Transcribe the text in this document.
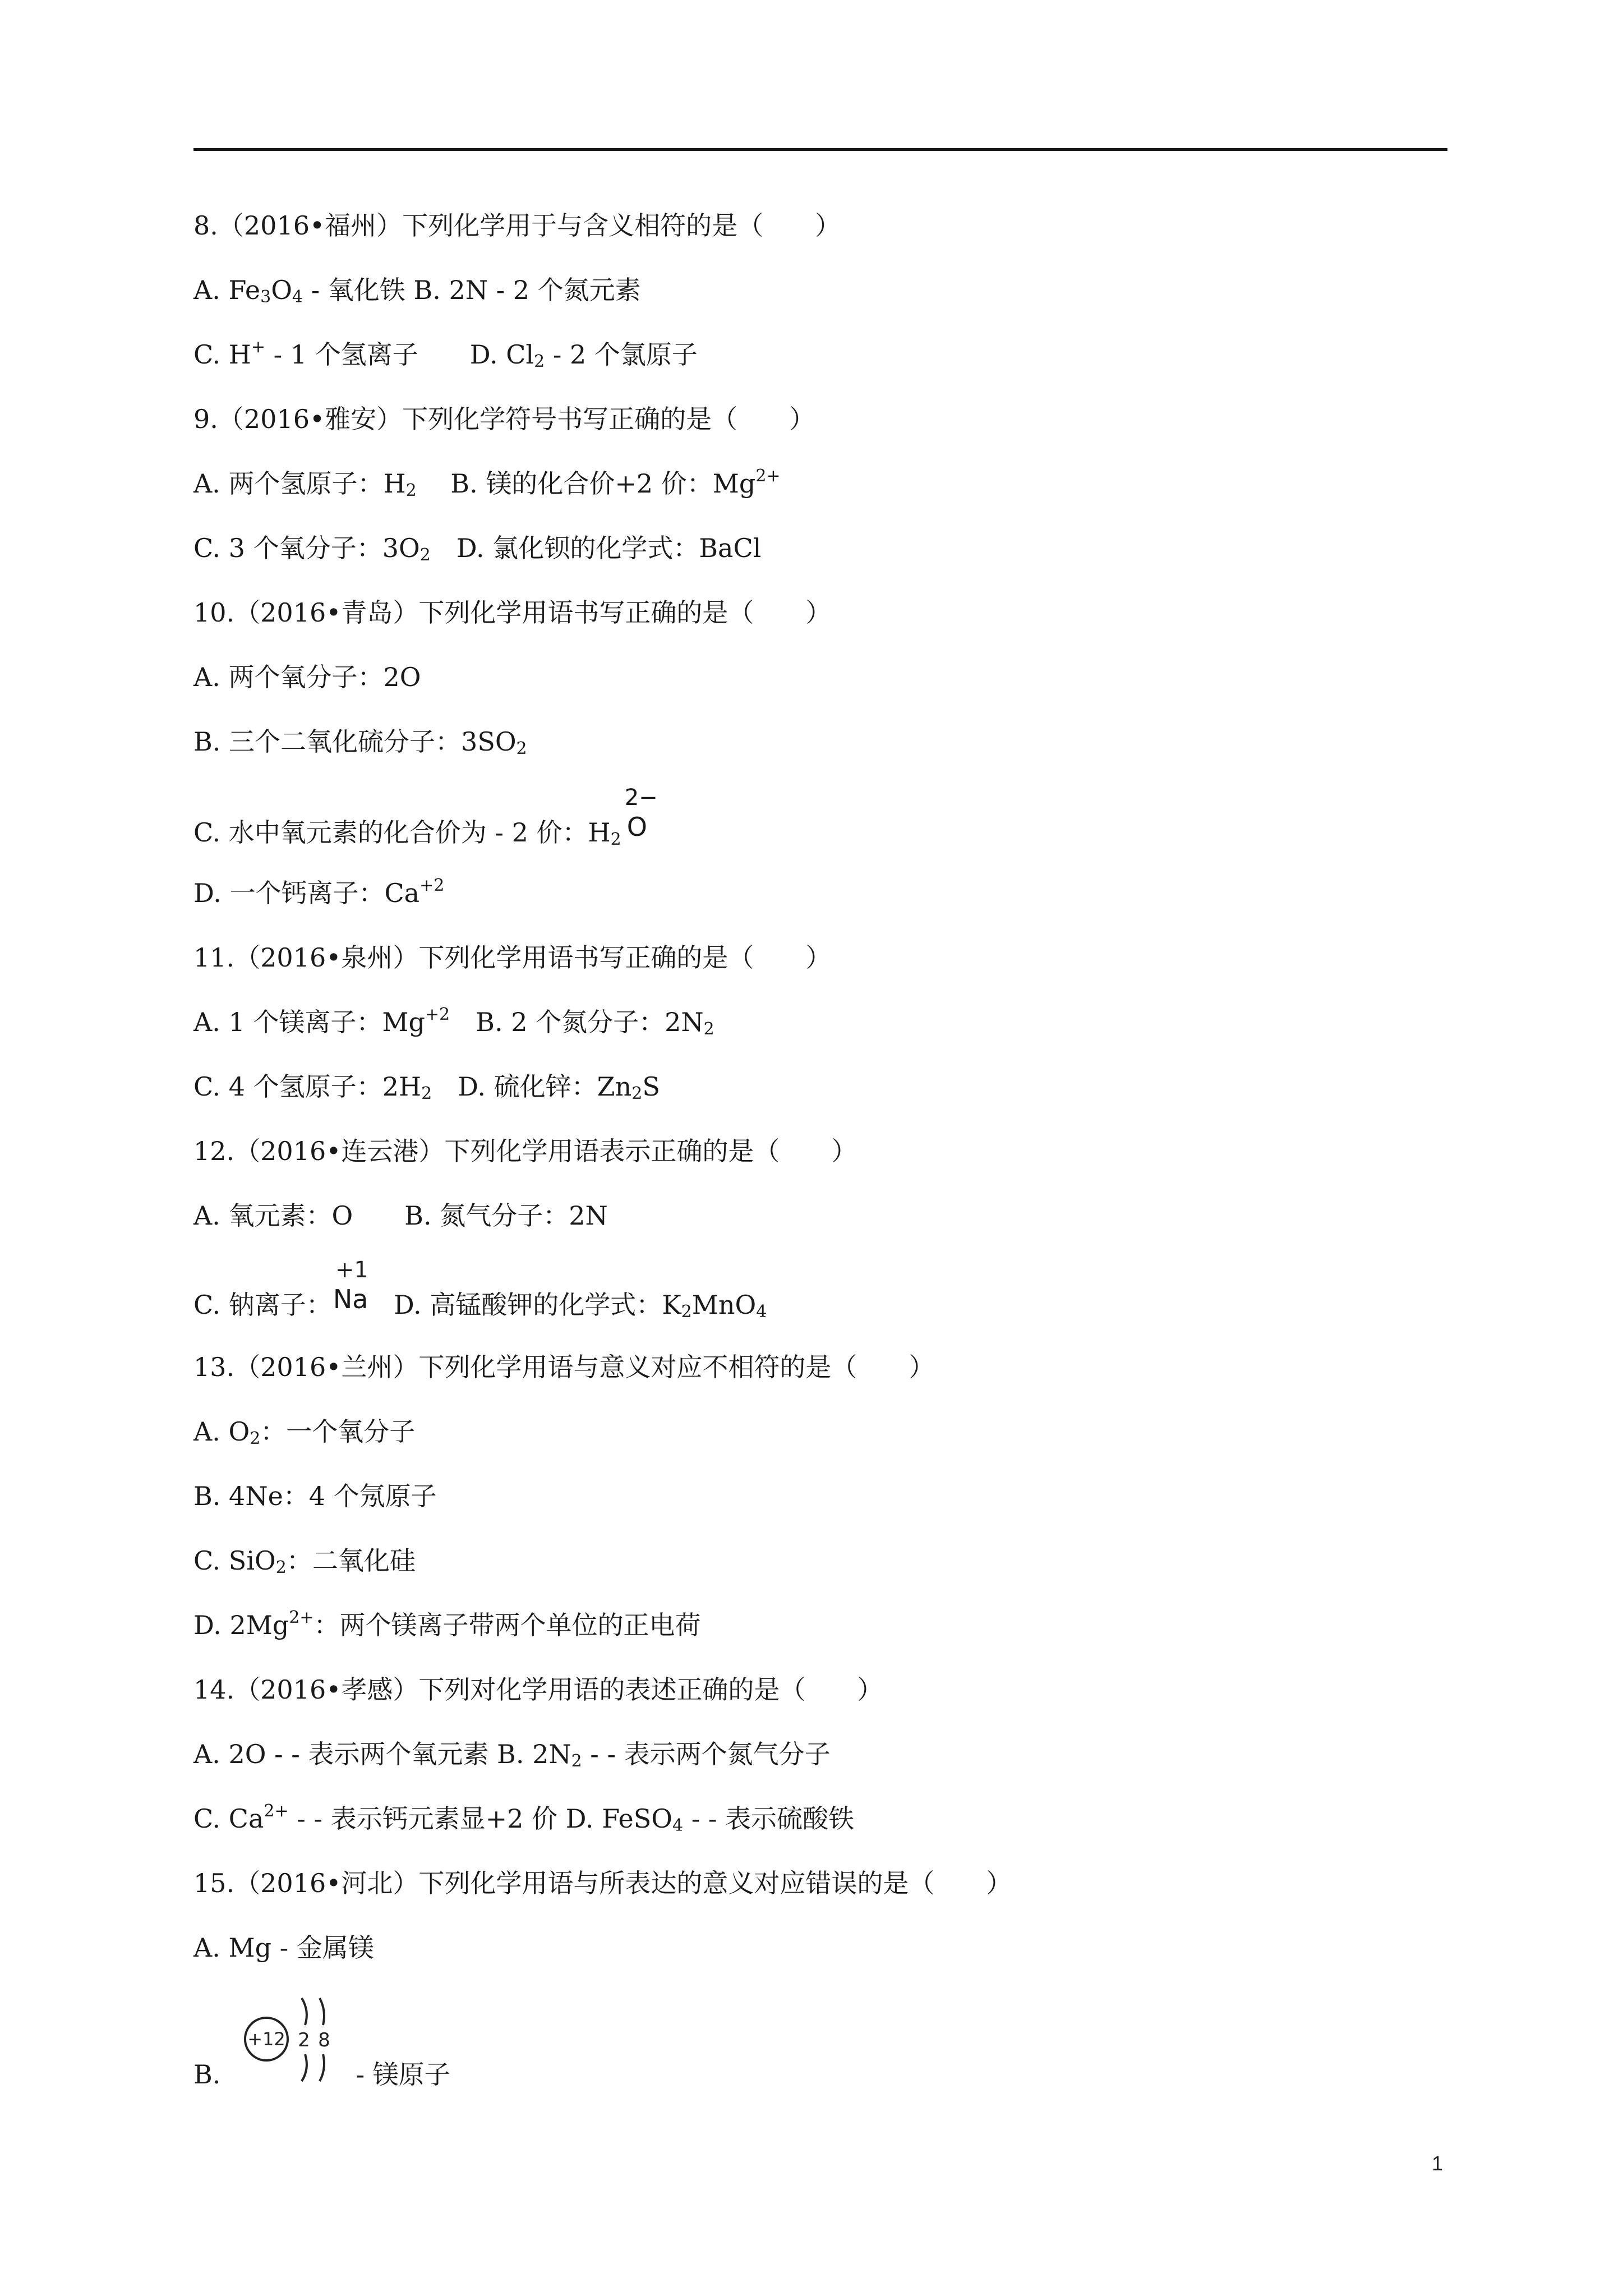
8.（2016•福州）下列化学用于与含义相符的是（　　）
A. $Fe_3O_4$ - 氧化铁 B. 2N - 2 个氮元素
C. H+ - 1 个氢离子　　D. $Cl_2 - 2$ 个氯原子
9.（2016•雅安）下列化学符号书写正确的是（　　）
A. 两个氢原子：$H_2$　 B. 镁的化合价+2 价：$Mg^{2+}$
C. 3 个氧分子：$3O_2$　D. 氯化钡的化学式：BaCl
10.（2016•青岛）下列化学用语书写正确的是（　　）
A. 两个氧分子：2O
B. 三个二氧化硫分子：$3SO_2$
C. 水中氧元素的化合价为 - 2 价：$H_2$
2−
O
D. 一个钙离子：$Ca^{+2}$
11.（2016•泉州）下列化学用语书写正确的是（　　）
A. 1 个镁离子：$Mg^{+2}$　B. 2 个氮分子：$2N_2$
C. 4 个氢原子：$2H_2$　D. 硫化锌：$Zn_2S$
12.（2016•连云港）下列化学用语表示正确的是（　　）
A. 氧元素：O　　B. 氮气分子：2N
C. 钠离子：
+1
Na D. 高锰酸钾的化学式：$K_2MnO_4$
13.（2016•兰州）下列化学用语与意义对应不相符的是（　　）
A. $O_2$：一个氧分子
B. 4Ne：4 个氖原子
C. SiO$_2$：二氧化硅
D. $2Mg^{2+}$：两个镁离子带两个单位的正电荷
14.（2016•孝感）下列对化学用语的表述正确的是（　　）
A. 2O - - 表示两个氧元素 B. $2N_2$ - - 表示两个氮气分子
C. $Ca^{2+}$ - - 表示钙元素显+2 价 D. FeSO$_4$ - - 表示硫酸铁
15.（2016•河北）下列化学用语与所表达的意义对应错误的是（　　）
A. Mg - 金属镁
B.
+12 2 8
- 镁原子
1
